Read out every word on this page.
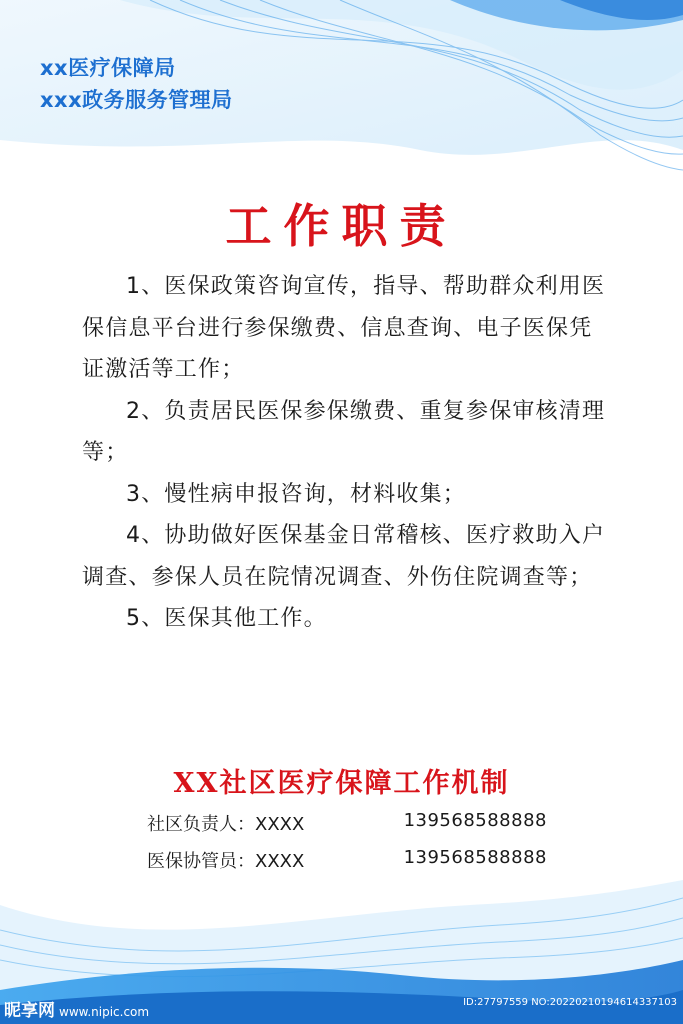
xx医疗保障局
xxx政务服务管理局
工作职责

1、医保政策咨询宣传，指导、帮助群众利用医保信息平台进行参保缴费、信息查询、电子医保凭证激活等工作；

2、负责居民医保参保缴费、重复参保审核清理等；

3、慢性病申报咨询，材料收集；

4、协助做好医保基金日常稽核、医疗救助入户调查、参保人员在院情况调查、外伤住院调查等；

5、医保其他工作。

XX社区医疗保障工作机制
社区负责人：XXXX	13956858888​8
医保协管员：XXXX	13956858888​8
昵享网 www.nipic.com
ID:27797559 NO:20220210194614337103
